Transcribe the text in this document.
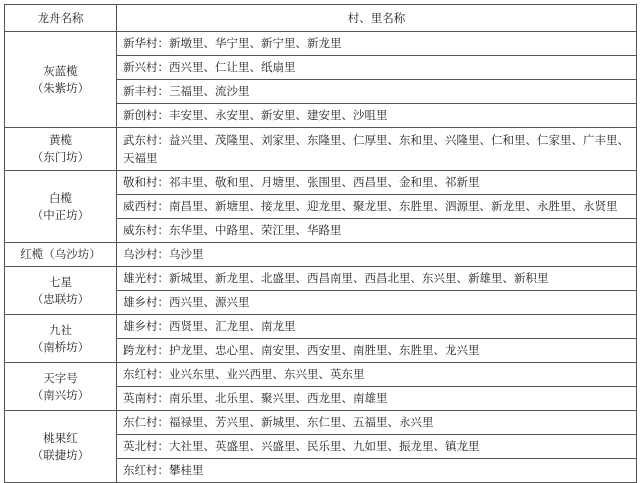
龙舟名称	村、里名称

灰蓝榄
（朱紫坊）	新华村：新墩里、华宁里、新宁里、新龙里
	新兴村：西兴里、仁让里、纸扇里
	新丰村：三福里、流沙里
	新创村：丰安里、永安里、新安里、建安里、沙咀里

黄榄
（东门坊）	武东村：益兴里、茂隆里、刘家里、东隆里、仁厚里、东和里、兴隆里、仁和里、仁家里、广丰里、天福里

白榄
（中正坊）	敬和村：祁丰里、敬和里、月塘里、张围里、西昌里、金和里、祁新里
	威西村：南昌里、新塘里、接龙里、迎龙里、聚龙里、东胜里、泗源里、新龙里、永胜里、永贤里
	威东村：东华里、中路里、荣江里、华路里

红榄（乌沙坊）	乌沙村：乌沙里

七星
（忠联坊）	雄光村：新城里、新龙里、北盛里、西昌南里、西昌北里、东兴里、新雄里、新积里
	雄乡村：西兴里、源兴里

九社
（南桥坊）	雄乡村：西贤里、汇龙里、南龙里
	跨龙村：护龙里、忠心里、南安里、西安里、南胜里、东胜里、龙兴里

天字号
（南兴坊）	东红村：业兴东里、业兴西里、东兴里、英东里
	英南村：南乐里、北乐里、聚兴里、西龙里、南雄里

桃果红
（联捷坊）	东仁村：福禄里、芳兴里、新城里、东仁里、五福里、永兴里
	英北村：大社里、英盛里、兴盛里、民乐里、九如里、振龙里、镇龙里
	东红村：攀桂里
